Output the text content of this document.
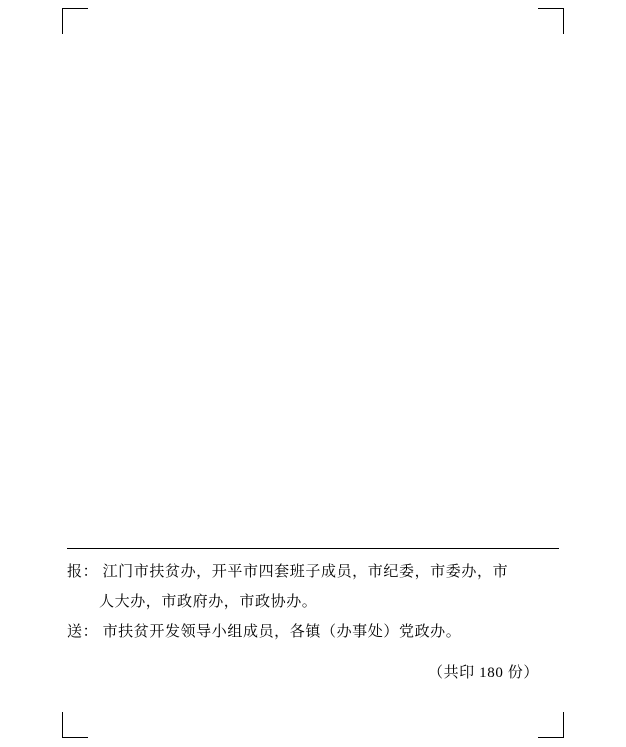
报： 江门市扶贫办，开平市四套班子成员，市纪委，市委办，市
人大办，市政府办，市政协办。
送： 市扶贫开发领导小组成员，各镇（办事处）党政办。
（共印 180 份）
